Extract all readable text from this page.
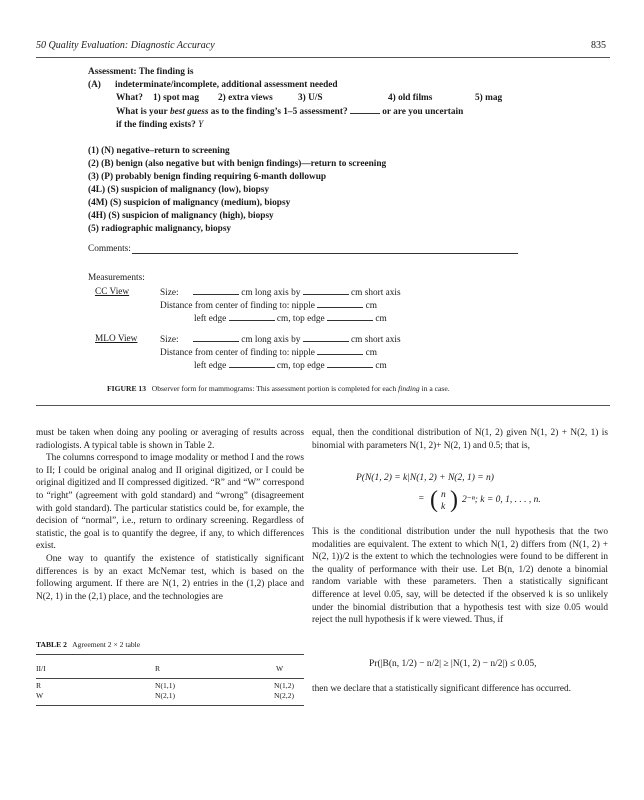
50 Quality Evaluation: Diagnostic Accuracy	835
Assessment: The finding is
(A) indeterminate/incomplete, additional assessment needed
What? 1) spot mag 2) extra views	3) U/S	4) old films	5) mag
What is your best guess as to the finding’s 1–5 assessment?	or are you uncertain
if the finding exists? Y
(1) (N) negative–return to screening
(2) (B) benign (also negative but with benign findings)—return to screening
(3) (P) probably benign finding requiring 6-manth dollowup
(4L) (S) suspicion of malignancy (low), biopsy
(4M) (S) suspicion of malignancy (medium), biopsy
(4H) (S) suspicion of malignancy (high), biopsy
(5) radiographic malignancy, biopsy
Comments:
Measurements:
CC View	Size:	cm long axis by	cm short axis
Distance from center of finding to: nipple	cm
left edge	cm, top edge	cm
MLO View Size:	cm long axis by	cm short axis
Distance from center of finding to: nipple	cm
left edge	cm, top edge	cm
FIGURE 13 Observer form for mammograms: This assessment portion is completed for each finding in a case.

must be taken when doing any pooling or averaging of results across radiologists. A typical table is shown in Table 2.

The columns correspond to image modality or method I and the rows to II; I could be original analog and II original digitized, or I could be original digitized and II compressed digitized. “R” and “W” correspond to “right” (agreement with gold standard) and “wrong” (disagreement with gold standard). The particular statistics could be, for example, the decision of “normal”, i.e., return to ordinary screening. Regardless of statistic, the goal is to quantify the degree, if any, to which differences exist.

One way to quantify the existence of statistically significant differences is by an exact McNemar test, which is based on the following argument. If there are N(1, 2) entries in the (1,2) place and N(2, 1) in the (2,1) place, and the technologies are

TABLE 2 Agreement 2 × 2 table
II/I	R	W
R	N(1,1)	N(1,2)
W	N(2,1)	N(2,2)

equal, then the conditional distribution of N(1, 2) given N(1, 2) + N(2, 1) is binomial with parameters N(1, 2)+ N(2, 1) and 0.5; that is,

P(N(1, 2) = k|N(1, 2) + N(2, 1) = n)
= ( n
k ) 2⁻ⁿ; k = 0, 1, . . . , n.

This is the conditional distribution under the null hypothesis that the two modalities are equivalent. The extent to which N(1, 2) differs from (N(1, 2) + N(2, 1))/2 is the extent to which the technologies were found to be different in the quality of performance with their use. Let B(n, 1/2) denote a binomial random variable with these parameters. Then a statistically significant difference at level 0.05, say, will be detected if the observed k is so unlikely under the binomial distribution that a hypothesis test with size 0.05 would reject the null hypothesis if k were viewed. Thus, if

Pr(|B(n, 1/2) − n/2| ≥ |N(1, 2) − n/2|) ≤ 0.05,

then we declare that a statistically significant difference has occurred.
